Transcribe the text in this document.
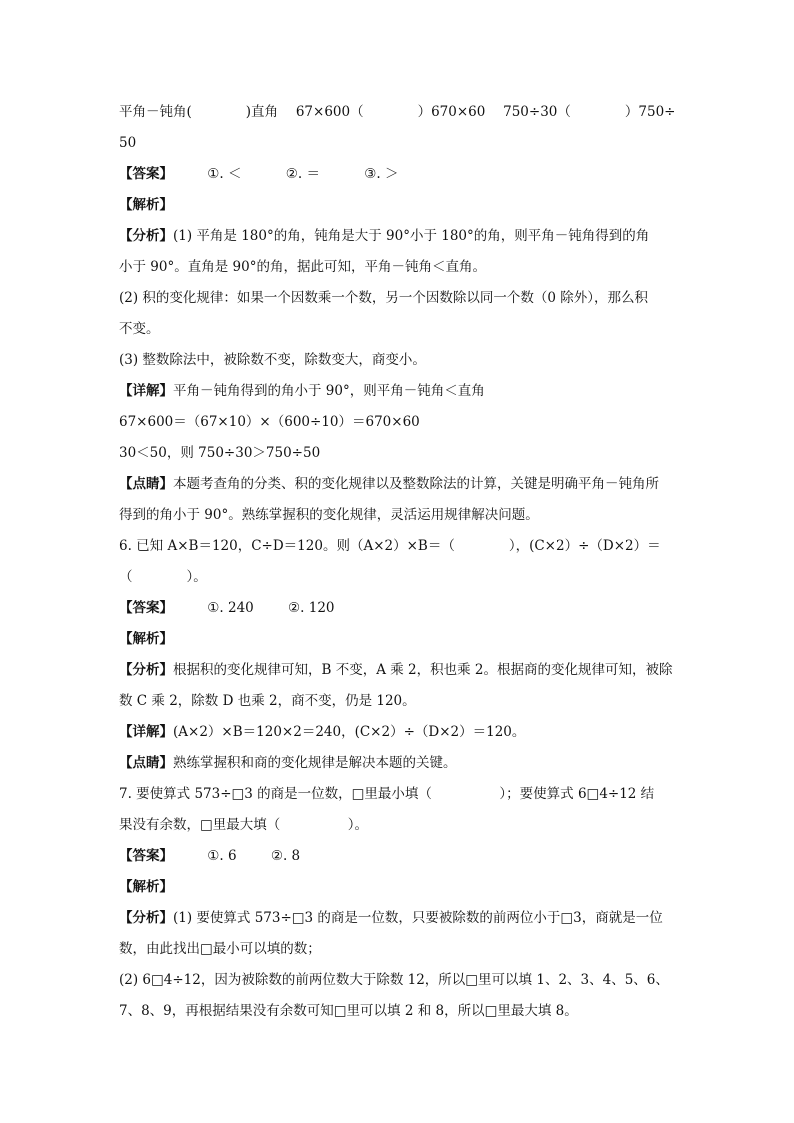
平角－钝角(　　　　)直角　 67×600（　　　　）670×60　 750÷30（　　　　）750÷
50
【答案】	①. ＜	②. ＝	③. ＞
【解析】
【分析】(1) 平角是 180°的角，钝角是大于 90°小于 180°的角，则平角－钝角得到的角
小于 90°。直角是 90°的角，据此可知，平角－钝角＜直角。
(2) 积的变化规律：如果一个因数乘一个数，另一个因数除以同一个数（0 除外），那么积
不变。
(3) 整数除法中，被除数不变，除数变大，商变小。
【详解】平角－钝角得到的角小于 90°，则平角－钝角＜直角
67×600＝（67×10）×（600÷10）＝670×60
30＜50，则 750÷30＞750÷50
【点睛】本题考查角的分类、积的变化规律以及整数除法的计算，关键是明确平角－钝角所
得到的角小于 90°。熟练掌握积的变化规律，灵活运用规律解决问题。
6. 已知 A×B＝120，C÷D＝120。则（A×2）×B＝（　　　　），(C×2）÷（D×2）＝
（　　　　）。
【答案】	①. 240	②. 120
【解析】
【分析】根据积的变化规律可知，B 不变，A 乘 2，积也乘 2。根据商的变化规律可知，被除
数 C 乘 2，除数 D 也乘 2，商不变，仍是 120。
【详解】(A×2）×B＝120×2＝240，(C×2）÷（D×2）＝120。
【点睛】熟练掌握积和商的变化规律是解决本题的关键。
7. 要使算式 573÷□3 的商是一位数，□里最小填（　　　　　）；要使算式 6□4÷12 结
果没有余数，□里最大填（　　　　　）。
【答案】	①. 6	②. 8
【解析】
【分析】(1) 要使算式 573÷□3 的商是一位数，只要被除数的前两位小于□3，商就是一位
数，由此找出□最小可以填的数；
(2) 6□4÷12，因为被除数的前两位数大于除数 12，所以□里可以填 1、2、3、4、5、6、
7、8、9，再根据结果没有余数可知□里可以填 2 和 8，所以□里最大填 8。
